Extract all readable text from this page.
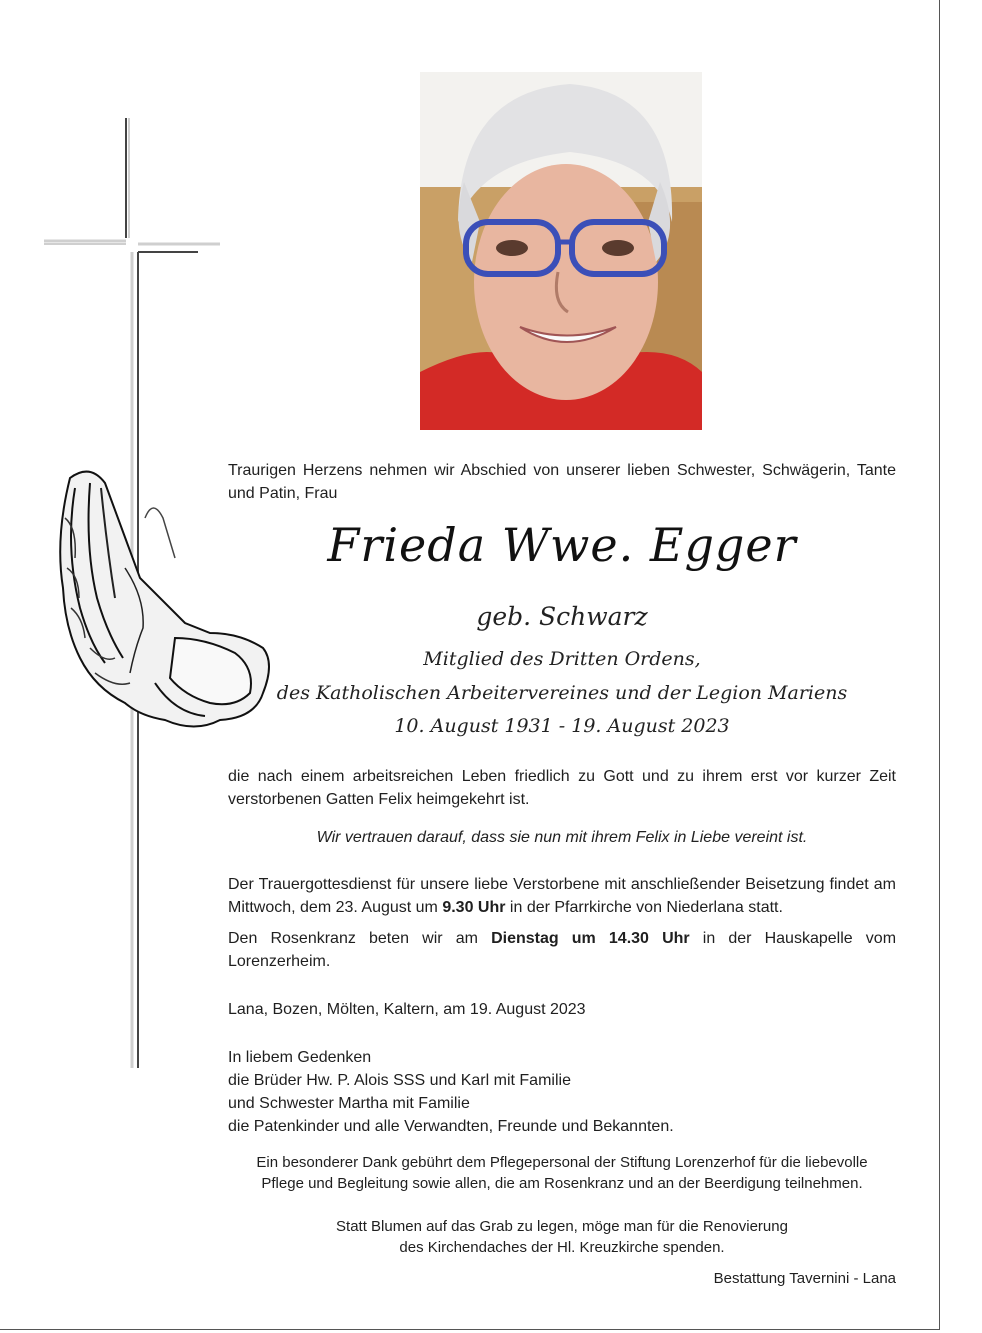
Traurigen Herzens nehmen wir Abschied von unserer lieben Schwester, Schwägerin, Tante und Patin, Frau
Frieda Wwe. Egger
geb. Schwarz
Mitglied des Dritten Ordens,
des Katholischen Arbeitervereines und der Legion Mariens
10. August 1931 - 19. August 2023
die nach einem arbeitsreichen Leben friedlich zu Gott und zu ihrem erst vor kurzer Zeit verstorbenen Gatten Felix heimgekehrt ist.
Wir vertrauen darauf, dass sie nun mit ihrem Felix in Liebe vereint ist.
Der Trauergottesdienst für unsere liebe Verstorbene mit anschließender Beisetzung findet am Mittwoch, dem 23. August um 9.30 Uhr in der Pfarrkirche von Niederlana statt.
Den Rosenkranz beten wir am Dienstag um 14.30 Uhr in der Hauskapelle vom Lorenzerheim.
Lana, Bozen, Mölten, Kaltern, am 19. August 2023
In liebem Gedenken
die Brüder Hw. P. Alois SSS und Karl mit Familie
und Schwester Martha mit Familie
die Patenkinder und alle Verwandten, Freunde und Bekannten.
Ein besonderer Dank gebührt dem Pflegepersonal der Stiftung Lorenzerhof für die liebevolle
Pflege und Begleitung sowie allen, die am Rosenkranz und an der Beerdigung teilnehmen.
Statt Blumen auf das Grab zu legen, möge man für die Renovierung
des Kirchendaches der Hl. Kreuzkirche spenden.
Bestattung Tavernini - Lana
